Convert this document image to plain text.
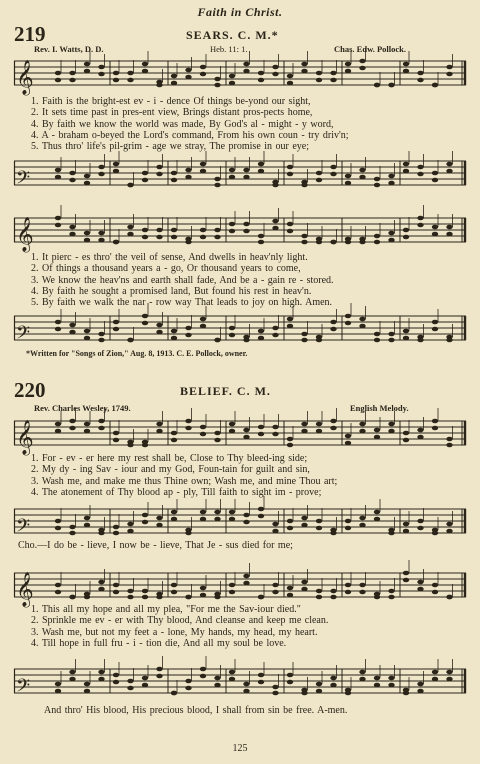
Faith in Christ.
219	SEARS. C. M.*
Rev. I. Watts, D. D.	Heb. 11: 1.	Chas. Edw. Pollock.
𝄞
1. Faith is the bright-est ev - i - dence Of things be-yond our sight,
2. It sets time past in pres-ent view, Brings distant pros-pects home,
4. By faith we know the world was made, By God's al - might - y word,
4. A - braham o-beyed the Lord's command, From his own coun - try driv'n;
5. Thus thro' life's pil-grim - age we stray, The promise in our eye;
𝄢
𝄞
1. It pierc - es thro' the veil of sense, And dwells in heav'nly light.
2. Of things a thousand years a - go, Or thousand years to come,
3. We know the heav'ns and earth shall fade, And be a - gain re - stored.
4. By faith he sought a promised land, But found his rest in heav'n.
5. By faith we walk the nar - row way That leads to joy on high. Amen.
𝄢
*Written for "Songs of Zion," Aug. 8, 1913. C. E. Pollock, owner.
220	BELIEF. C. M.
Rev. Charles Wesley, 1749.	English Melody.
𝄞
1. For - ev - er here my rest shall be, Close to Thy bleed-ing side;
2. My dy - ing Sav - iour and my God, Foun-tain for guilt and sin,
3. Wash me, and make me thus Thine own; Wash me, and mine Thou art;
4. The atonement of Thy blood ap - ply, Till faith to sight im - prove;
𝄢
Cho.—I do be - lieve, I now be - lieve, That Je - sus died for me;
𝄞
1. This all my hope and all my plea, "For me the Sav-iour died."
2. Sprinkle me ev - er with Thy blood, And cleanse and keep me clean.
3. Wash me, but not my feet a - lone, My hands, my head, my heart.
4. Till hope in full fru - i - tion die, And all my soul be love.
𝄢
And thro' His blood, His precious blood, I shall from sin be free. A-men.
125
